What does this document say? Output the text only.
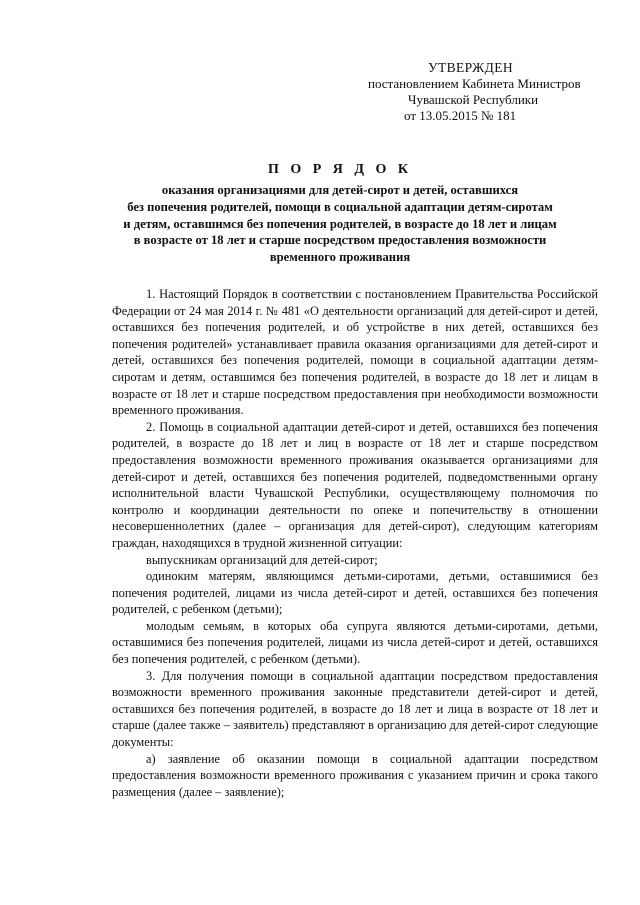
УТВЕРЖДЕН
постановлением Кабинета Министров
Чувашской Республики
от 13.05.2015 № 181
П О Р Я Д О К
оказания организациями для детей-сирот и детей, оставшихся
без попечения родителей, помощи в социальной адаптации детям-сиротам
и детям, оставшимся без попечения родителей, в возрасте до 18 лет и лицам
в возрасте от 18 лет и старше посредством предоставления возможности
временного проживания

1. Настоящий Порядок в соответствии с постановлением Правительства Российской Федерации от 24 мая 2014 г. № 481 «О деятельности организаций для детей-сирот и детей, оставшихся без попечения родителей, и об устройстве в них детей, оставшихся без попечения родителей» устанавливает правила оказания организациями для детей-сирот и детей, оставшихся без попечения родителей, помощи в социальной адаптации детям-сиротам и детям, оставшимся без попечения родителей, в возрасте до 18 лет и лицам в возрасте от 18 лет и старше посредством предоставления при необходимости возможности временного проживания.

2. Помощь в социальной адаптации детей-сирот и детей, оставшихся без попечения родителей, в возрасте до 18 лет и лиц в возрасте от 18 лет и старше посредством предоставления возможности временного проживания оказывается организациями для детей-сирот и детей, оставшихся без попечения родителей, подведомственными органу исполнительной власти Чувашской Республики, осуществляющему полномочия по контролю и координации деятельности по опеке и попечительству в отношении несовершеннолетних (далее – организация для детей-сирот), следующим категориям граждан, находящихся в трудной жизненной ситуации:

выпускникам организаций для детей-сирот;

одиноким матерям, являющимся детьми-сиротами, детьми, оставшимися без попечения родителей, лицами из числа детей-сирот и детей, оставшихся без попечения родителей, с ребенком (детьми);

молодым семьям, в которых оба супруга являются детьми-сиротами, детьми, оставшимися без попечения родителей, лицами из числа детей-сирот и детей, оставшихся без попечения родителей, с ребенком (детьми).

3. Для получения помощи в социальной адаптации посредством предоставления возможности временного проживания законные представители детей-сирот и детей, оставшихся без попечения родителей, в возрасте до 18 лет и лица в возрасте от 18 лет и старше (далее также – заявитель) представляют в организацию для детей-сирот следующие документы:

а) заявление об оказании помощи в социальной адаптации посредством предоставления возможности временного проживания с указанием причин и срока такого размещения (далее – заявление);
